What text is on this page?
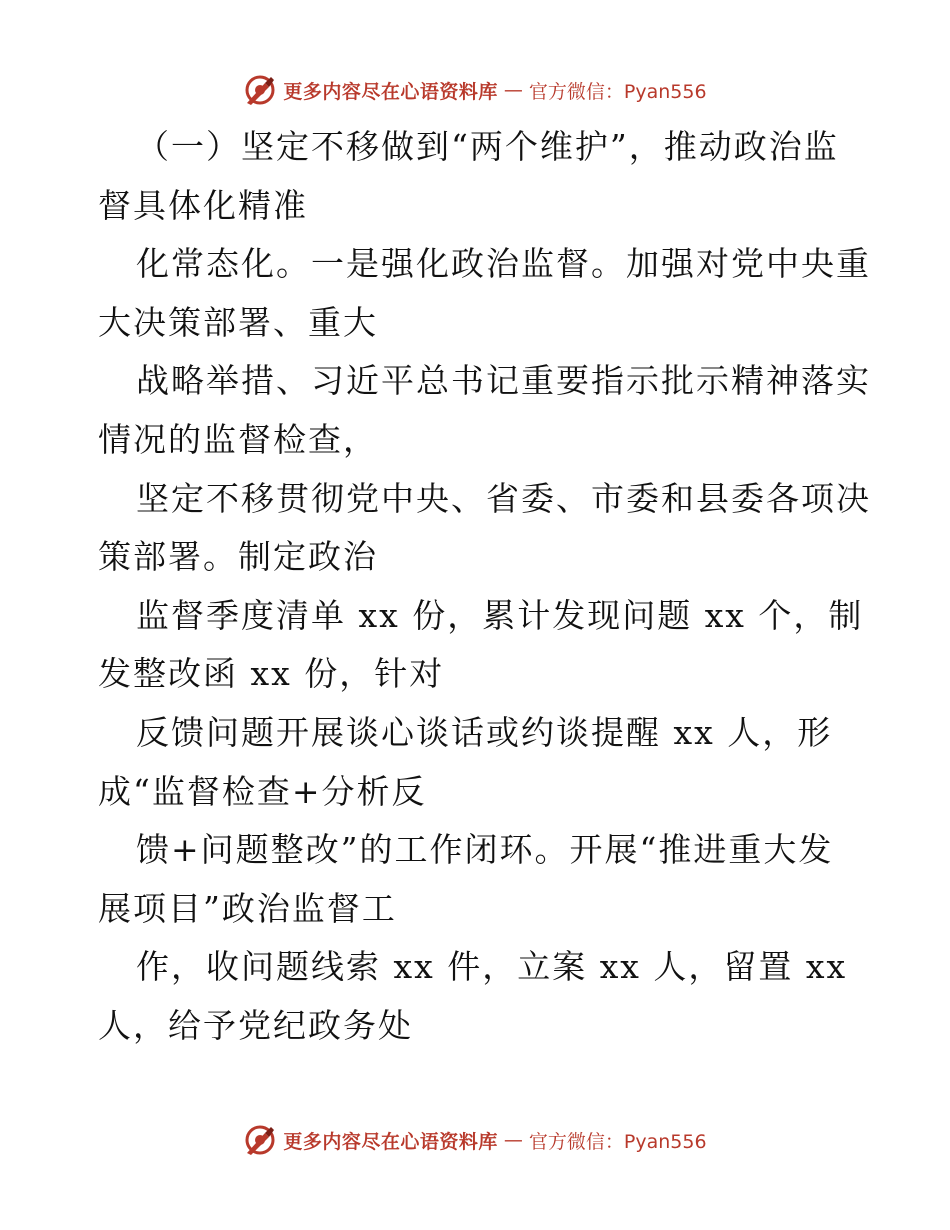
更多内容尽在心语资料库 — 官方微信：Pyan556
（一）坚定不移做到“两个维护”，推动政治监
督具体化精准
化常态化。一是强化政治监督。加强对党中央重
大决策部署、重大
战略举措、习近平总书记重要指示批示精神落实
情况的监督检查，
坚定不移贯彻党中央、省委、市委和县委各项决
策部署。制定政治
监督季度清单 xx 份，累计发现问题 xx 个，制
发整改函 xx 份，针对
反馈问题开展谈心谈话或约谈提醒 xx 人，形
成“监督检查+分析反
馈+问题整改”的工作闭环。开展“推进重大发
展项目”政治监督工
作，收问题线索 xx 件，立案 xx 人，留置 xx
人，给予党纪政务处
更多内容尽在心语资料库 — 官方微信：Pyan556
